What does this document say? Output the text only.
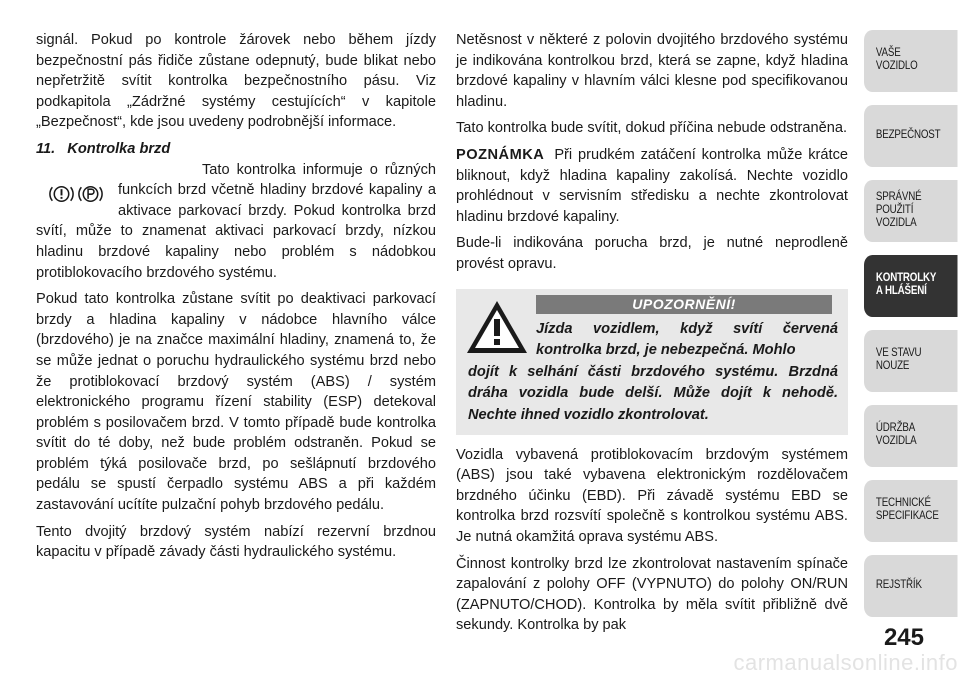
signál. Pokud po kontrole žárovek nebo během jízdy bezpečnostní pás řidiče zůstane odepnutý, bude blikat nebo nepřetržitě svítit kontrolka bezpečnostního pásu. Viz podkapitola „Zádržné systémy cestujících“ v kapitole „Bezpečnost“, kde jsou uvedeny podrobnější informace.

11. Kontrolka brzd

Tato kontrolka informuje o různých funkcích brzd včetně hladiny brzdové kapaliny a aktivace parkovací brzdy. Pokud kontrolka brzd svítí, může to znamenat aktivaci parkovací brzdy, nízkou hladinu brzdové kapaliny nebo problém s nádobkou protiblokovacího brzdového systému.

Pokud tato kontrolka zůstane svítit po deaktivaci parkovací brzdy a hladina kapaliny v nádobce hlavního válce (brzdového) je na značce maximální hladiny, znamená to, že se může jednat o poruchu hydraulického systému brzd nebo že protiblokovací brzdový systém (ABS) / systém elektronického programu řízení stability (ESP) detekoval problém s posilovačem brzd. V tomto případě bude kontrolka svítit do té doby, než bude problém odstraněn. Pokud se problém týká posilovače brzd, po sešlápnutí brzdového pedálu se spustí čerpadlo systému ABS a při každém zastavování ucítíte pulzační pohyb brzdového pedálu.

Tento dvojitý brzdový systém nabízí rezervní brzdnou kapacitu v případě závady části hydraulického systému.

Netěsnost v některé z polovin dvojitého brzdového systému je indikována kontrolkou brzd, která se zapne, když hladina brzdové kapaliny v hlavním válci klesne pod specifikovanou hladinu.

Tato kontrolka bude svítit, dokud příčina nebude odstraněna.

POZNÁMKA Při prudkém zatáčení kontrolka může krátce bliknout, když hladina kapaliny zakolísá. Nechte vozidlo prohlédnout v servisním středisku a nechte zkontrolovat hladinu brzdové kapaliny.

Bude-li indikována porucha brzd, je nutné neprodleně provést opravu.

UPOZORNĚNÍ!
Jízda vozidlem, když svítí červená kontrolka brzd, je nebezpečná. Mohlo
dojít k selhání části brzdového systému. Brzdná dráha vozidla bude delší. Může dojít k nehodě. Nechte ihned vozidlo zkontrolovat.

Vozidla vybavená protiblokovacím brzdovým systémem (ABS) jsou také vybavena elektronickým rozdělovačem brzdného účinku (EBD). Při závadě systému EBD se kontrolka brzd rozsvítí společně s kontrolkou systému ABS. Je nutná okamžitá oprava systému ABS.

Činnost kontrolky brzd lze zkontrolovat nastavením spínače zapalování z polohy OFF (VYPNUTO) do polohy ON/RUN (ZAPNUTO/CHOD). Kontrolka by měla svítit přibližně dvě sekundy. Kontrolka by pak

VAŠE
VOZIDLO
BEZPEČNOST
SPRÁVNÉ
POUŽITÍ
VOZIDLA
KONTROLKY
A HLÁŠENÍ
VE STAVU
NOUZE
ÚDRŽBA
VOZIDLA
TECHNICKÉ
SPECIFIKACE
REJSTŘÍK
245
carmanualsonline.info
